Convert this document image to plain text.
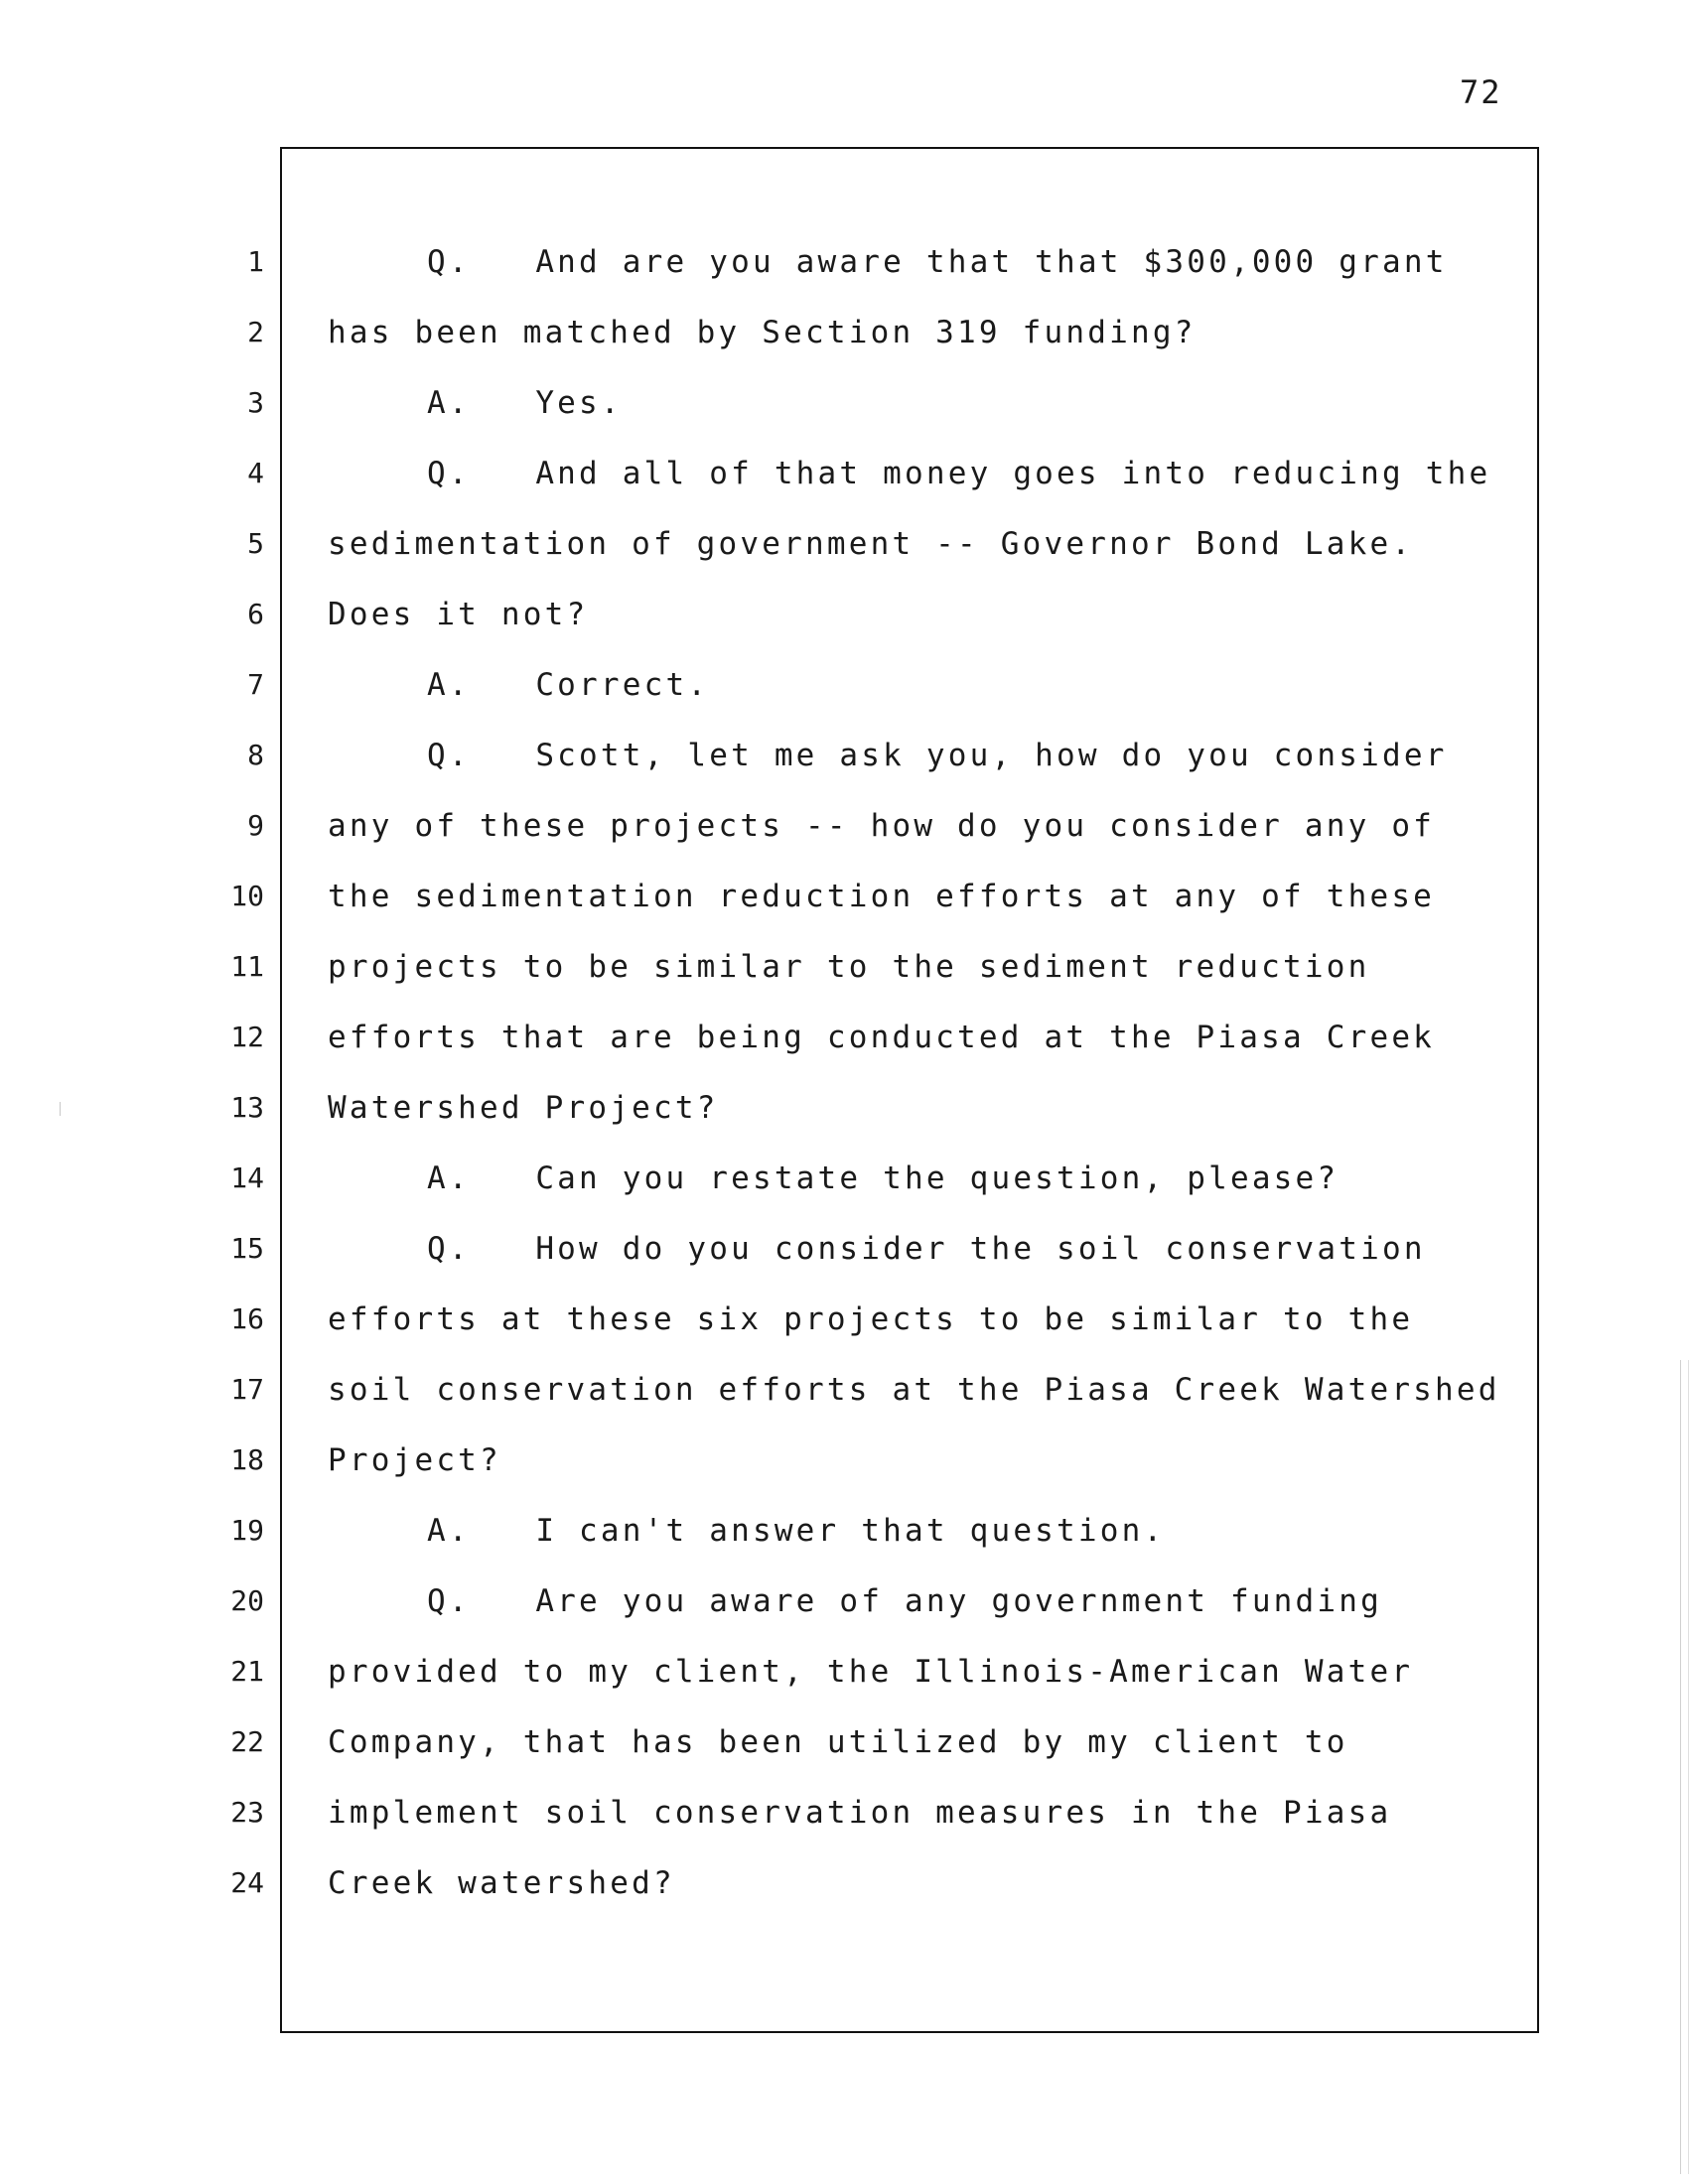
72
1	Q.   And are you aware that that $300,000 grant
2 has been matched by Section 319 funding?
3	A.   Yes.
4	Q.   And all of that money goes into reducing the
5 sedimentation of government -- Governor Bond Lake.
6 Does it not?
7	A.   Correct.
8	Q.   Scott, let me ask you, how do you consider
9 any of these projects -- how do you consider any of
10 the sedimentation reduction efforts at any of these
11 projects to be similar to the sediment reduction
12 efforts that are being conducted at the Piasa Creek
13 Watershed Project?
14	A.   Can you restate the question, please?
15	Q.   How do you consider the soil conservation
16 efforts at these six projects to be similar to the
17 soil conservation efforts at the Piasa Creek Watershed
18 Project?
19	A.   I can't answer that question.
20	Q.   Are you aware of any government funding
21 provided to my client, the Illinois-American Water
22 Company, that has been utilized by my client to
23 implement soil conservation measures in the Piasa
24 Creek watershed?
